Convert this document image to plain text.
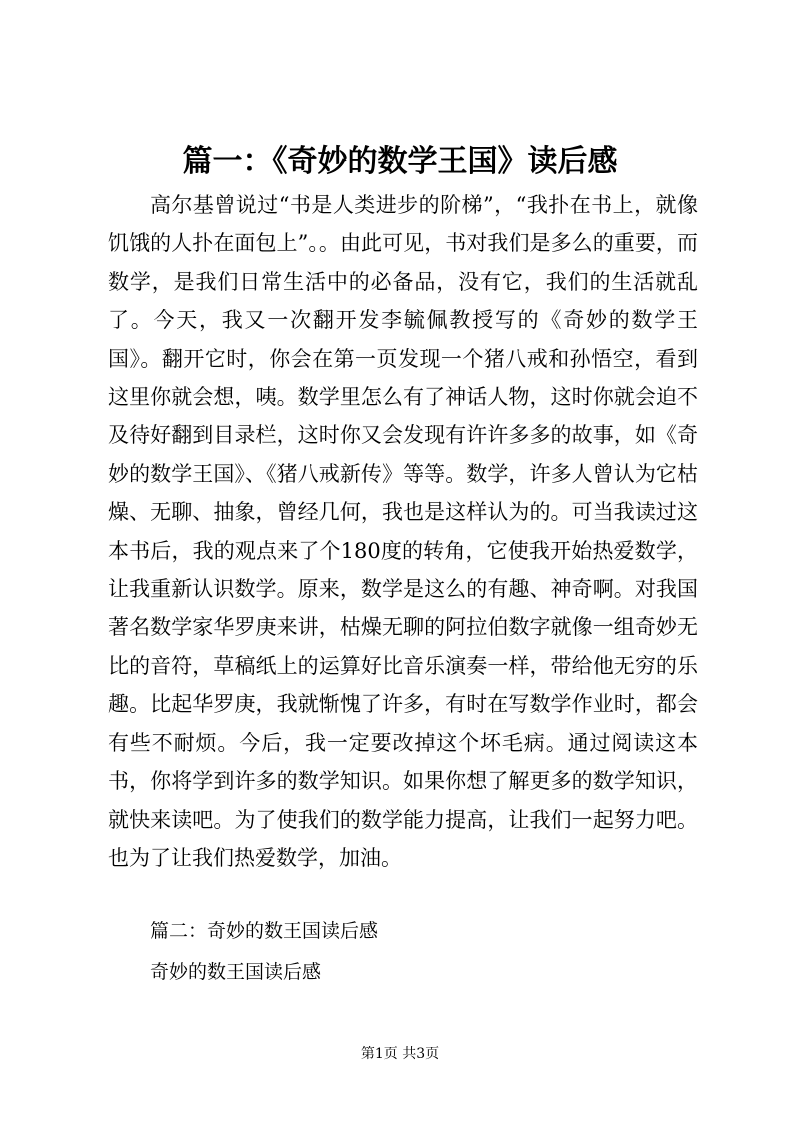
篇一：《奇妙的数学王国》读后感

高尔基曾说过“书是人类进步的阶梯”，“我扑在书上，就像饥饿的人扑在面包上”。。由此可见，书对我们是多么的重要，而数学，是我们日常生活中的必备品，没有它，我们的生活就乱了。今天，我又一次翻开发李毓佩教授写的《奇妙的数学王国》。翻开它时，你会在第一页发现一个猪八戒和孙悟空，看到这里你就会想，咦。数学里怎么有了神话人物，这时你就会迫不及待好翻到目录栏，这时你又会发现有许许多多的故事，如《奇妙的数学王国》、《猪八戒新传》等等。数学，许多人曾认为它枯燥、无聊、抽象，曾经几何，我也是这样认为的。可当我读过这本书后，我的观点来了个180度的转角，它使我开始热爱数学，让我重新认识数学。原来，数学是这么的有趣、神奇啊。对我国著名数学家华罗庚来讲，枯燥无聊的阿拉伯数字就像一组奇妙无比的音符，草稿纸上的运算好比音乐演奏一样，带给他无穷的乐趣。比起华罗庚，我就惭愧了许多，有时在写数学作业时，都会有些不耐烦。今后，我一定要改掉这个坏毛病。通过阅读这本书，你将学到许多的数学知识。如果你想了解更多的数学知识，就快来读吧。为了使我们的数学能力提高，让我们一起努力吧。也为了让我们热爱数学，加油。

篇二：奇妙的数王国读后感

奇妙的数王国读后感

第1页 共3页
